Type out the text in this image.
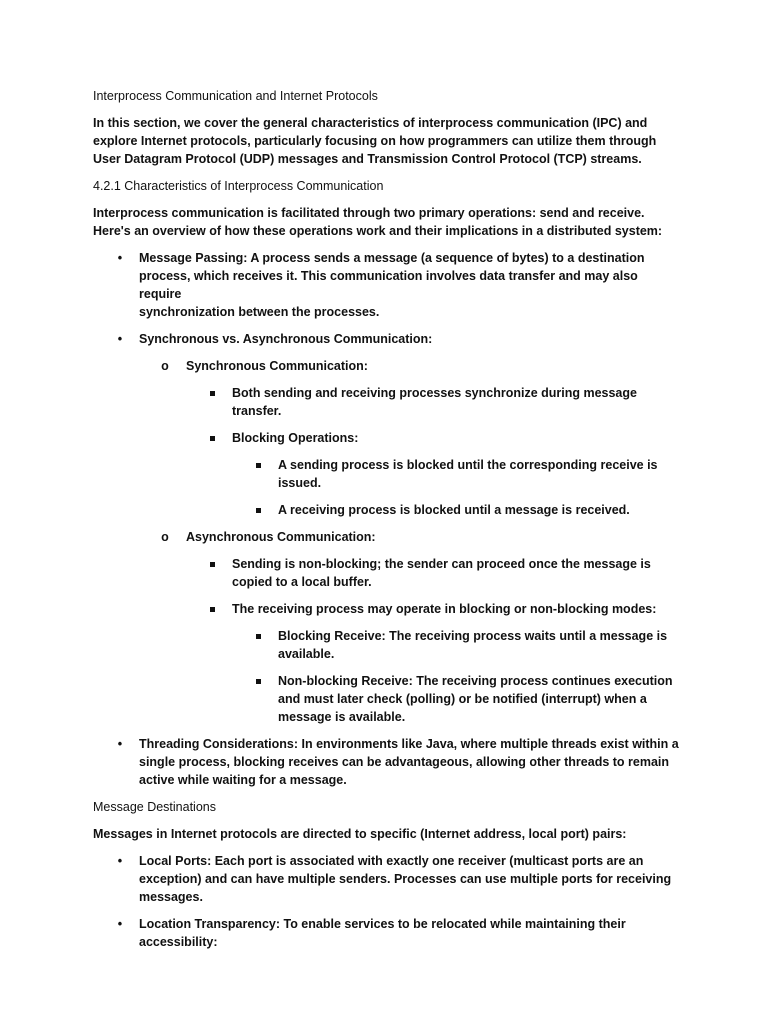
Interprocess Communication and Internet Protocols

In this section, we cover the general characteristics of interprocess communication (IPC) and

explore Internet protocols, particularly focusing on how programmers can utilize them through

User Datagram Protocol (UDP) messages and Transmission Control Protocol (TCP) streams.

4.2.1 Characteristics of Interprocess Communication

Interprocess communication is facilitated through two primary operations: send and receive.

Here's an overview of how these operations work and their implications in a distributed system:

•	Message Passing: A process sends a message (a sequence of bytes) to a destination

process, which receives it. This communication involves data transfer and may also require

synchronization between the processes.

•	Synchronous vs. Asynchronous Communication:

o Synchronous Communication:

Both sending and receiving processes synchronize during message transfer.

Blocking Operations:

A sending process is blocked until the corresponding receive is

issued.

A receiving process is blocked until a message is received.

o Asynchronous Communication:

Sending is non-blocking; the sender can proceed once the message is

copied to a local buffer.

The receiving process may operate in blocking or non-blocking modes:

Blocking Receive: The receiving process waits until a message is

available.

Non-blocking Receive: The receiving process continues execution

and must later check (polling) or be notified (interrupt) when a

message is available.

•	Threading Considerations: In environments like Java, where multiple threads exist within a

single process, blocking receives can be advantageous, allowing other threads to remain

active while waiting for a message.

Message Destinations

Messages in Internet protocols are directed to specific (Internet address, local port) pairs:

•	Local Ports: Each port is associated with exactly one receiver (multicast ports are an

exception) and can have multiple senders. Processes can use multiple ports for receiving

messages.

•	Location Transparency: To enable services to be relocated while maintaining their

accessibility:
